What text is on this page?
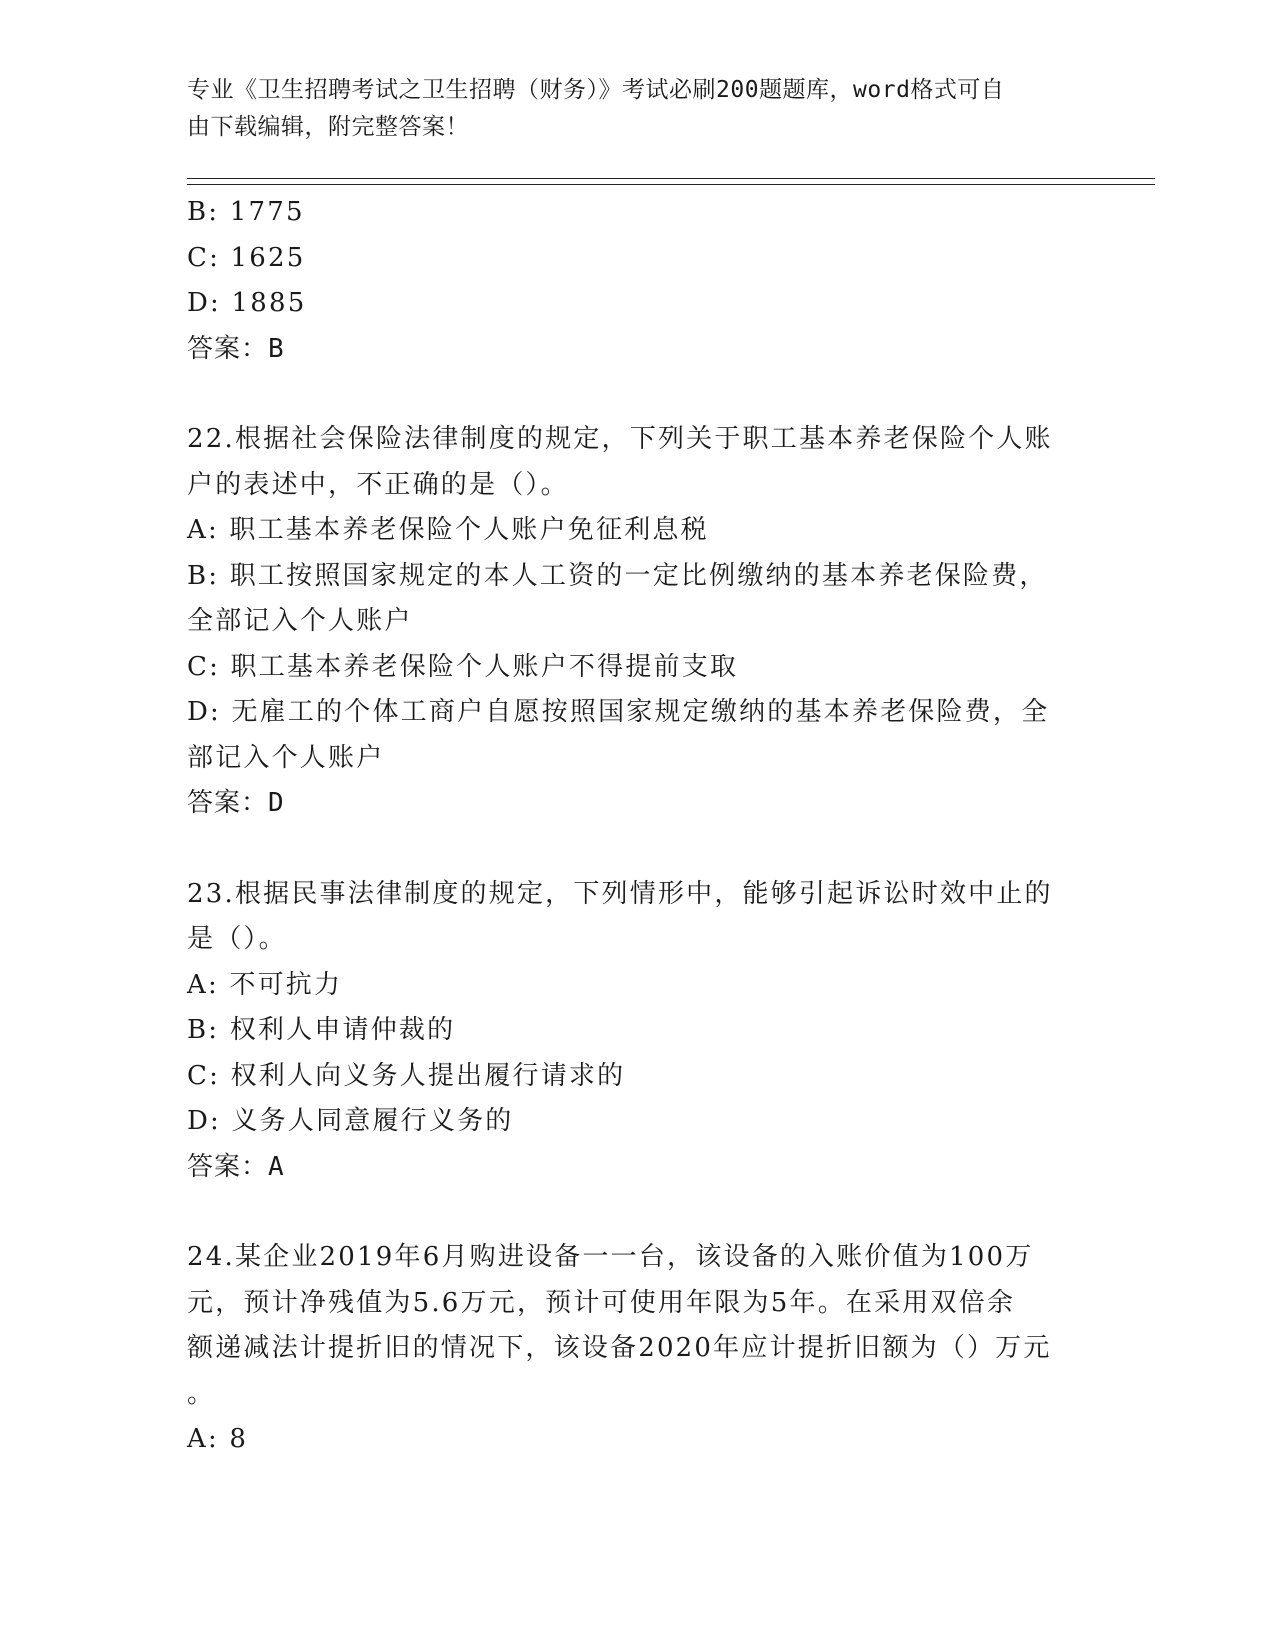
专业《卫生招聘考试之卫生招聘（财务）》考试必刷200题题库，word格式可自
由下载编辑，附完整答案！
B: 1775
C: 1625
D: 1885
答案：B
22.根据社会保险法律制度的规定，下列关于职工基本养老保险个人账
户的表述中，不正确的是（）。
A: 职工基本养老保险个人账户免征利息税
B: 职工按照国家规定的本人工资的一定比例缴纳的基本养老保险费，
全部记入个人账户
C: 职工基本养老保险个人账户不得提前支取
D: 无雇工的个体工商户自愿按照国家规定缴纳的基本养老保险费，全
部记入个人账户
答案：D
23.根据民事法律制度的规定，下列情形中，能够引起诉讼时效中止的
是（）。
A: 不可抗力
B: 权利人申请仲裁的
C: 权利人向义务人提出履行请求的
D: 义务人同意履行义务的
答案：A
24.某企业2019年6月购进设备一一台，该设备的入账价值为100万
元，预计净残值为5.6万元，预计可使用年限为5年。在采用双倍余
额递减法计提折旧的情况下，该设备2020年应计提折旧额为（）万元
。
A: 8
